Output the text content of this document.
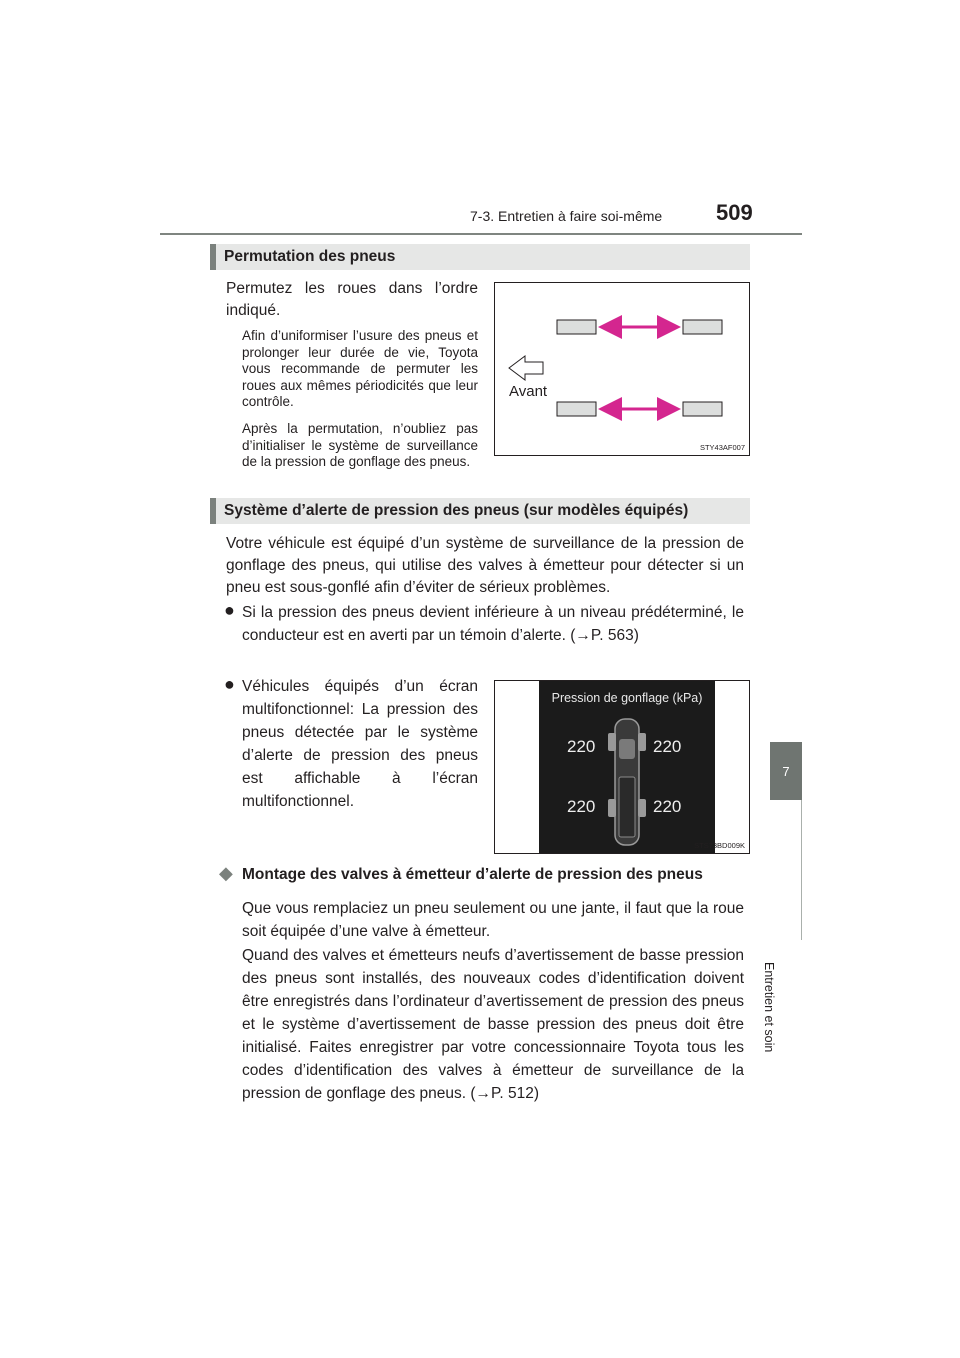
7-3. Entretien à faire soi-même 509
7
Entretien et soin
Permutation des pneus
Permutez les roues dans l’ordre indiqué.
Afin d’uniformiser l’usure des pneus et prolonger leur durée de vie, Toyota vous recommande de permuter les roues aux mêmes périodicités que leur contrôle.
Après la permutation, n’oubliez pas d’initialiser le système de surveillance de la pression de gonflage des pneus.
Avant
STY43AF007
Système d’alerte de pression des pneus (sur modèles équipés)
Votre véhicule est équipé d’un système de surveillance de la pression de gonflage des pneus, qui utilise des valves à émetteur pour détecter si un pneu est sous-gonflé afin d’éviter de sérieux problèmes.
● Si la pression des pneus devient inférieure à un niveau prédéterminé, le conducteur est en averti par un témoin d’alerte. (→P. 563)
● Véhicules équipés d’un écran multifonctionnel: La pression des pneus détectée par le système d’alerte de pression des pneus est affichable à l’écran multifonctionnel.
Pression de gonflage (kPa)
220	220
220	220
STS73BD009K
◆ Montage des valves à émetteur d’alerte de pression des pneus
Que vous remplaciez un pneu seulement ou une jante, il faut que la roue soit équipée d’une valve à émetteur.
Quand des valves et émetteurs neufs d’avertissement de basse pression des pneus sont installés, des nouveaux codes d’identification doivent être enregistrés dans l’ordinateur d’avertissement de pression des pneus et le système d’avertissement de basse pression des pneus doit être initialisé. Faites enregistrer par votre concessionnaire Toyota tous les codes d’identification des valves à émetteur de surveillance de la pression de gonflage des pneus. (→P. 512)
